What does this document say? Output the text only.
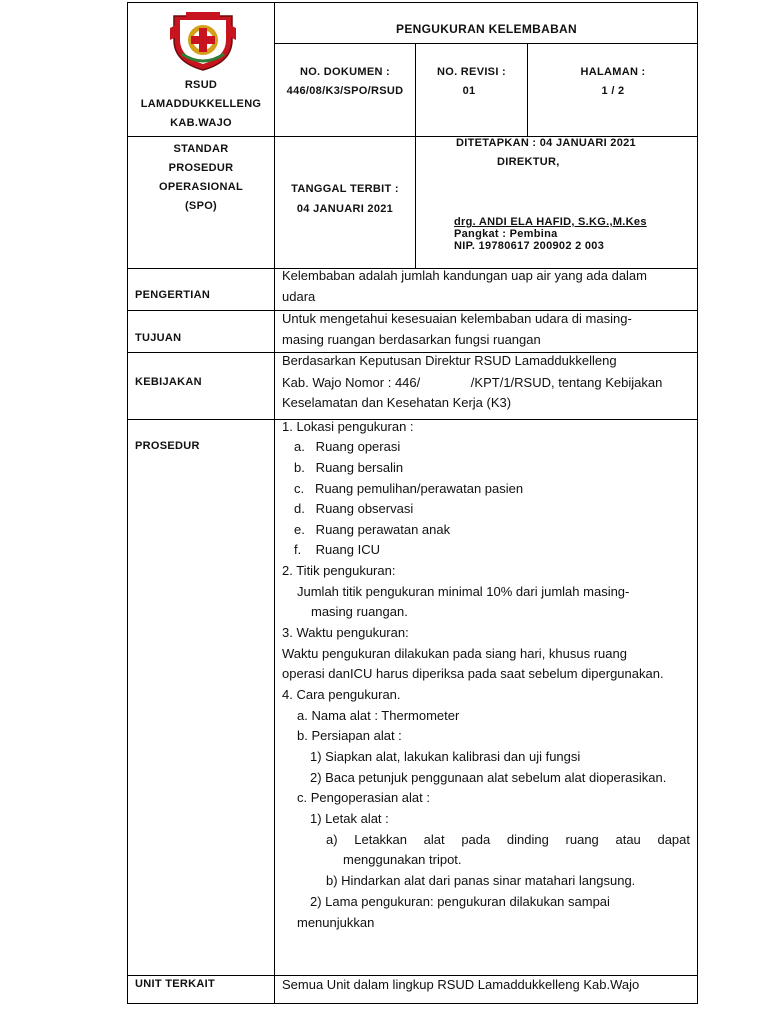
RSUD
LAMADDUKKELLENG
KAB.WAJO
PENGUKURAN KELEMBABAN
NO. DOKUMEN :
446/08/K3/SPO/RSUD
NO. REVISI :
01
HALAMAN :
1 / 2
STANDAR
PROSEDUR
OPERASIONAL
(SPO)
TANGGAL TERBIT :
04 JANUARI 2021
DITETAPKAN : 04 JANUARI 2021
DIREKTUR,
drg. ANDI ELA HAFID, S.KG.,M.Kes
Pangkat : Pembina
NIP. 19780617 200902 2 003
PENGERTIAN
Kelembaban adalah jumlah kandungan uap air yang ada dalam
udara
TUJUAN
Untuk mengetahui kesesuaian kelembaban udara di masing-
masing ruangan berdasarkan fungsi ruangan
KEBIJAKAN
Berdasarkan Keputusan Direktur RSUD Lamaddukkelleng
Kab. Wajo Nomor : 446/              /KPT/1/RSUD, tentang Kebijakan
Keselamatan dan Kesehatan Kerja (K3)
PROSEDUR
1. Lokasi pengukuran :
a.   Ruang operasi
b.   Ruang bersalin
c.   Ruang pemulihan/perawatan pasien
d.   Ruang observasi
e.   Ruang perawatan anak
f.    Ruang ICU
2. Titik pengukuran:
Jumlah titik pengukuran minimal 10% dari jumlah masing-
masing ruangan.
3. Waktu pengukuran:
Waktu pengukuran dilakukan pada siang hari, khusus ruang
operasi danICU harus diperiksa pada saat sebelum dipergunakan.
4. Cara pengukuran.
a. Nama alat : Thermometer
b. Persiapan alat :
1) Siapkan alat, lakukan kalibrasi dan uji fungsi
2) Baca petunjuk penggunaan alat sebelum alat dioperasikan.
c. Pengoperasian alat :
1) Letak alat :
a) Letakkan alat pada dinding ruang atau dapat
menggunakan tripot.
b) Hindarkan alat dari panas sinar matahari langsung.
2) Lama pengukuran: pengukuran dilakukan sampai
menunjukkan
UNIT TERKAIT	Semua Unit dalam lingkup RSUD Lamaddukkelleng Kab.Wajo
